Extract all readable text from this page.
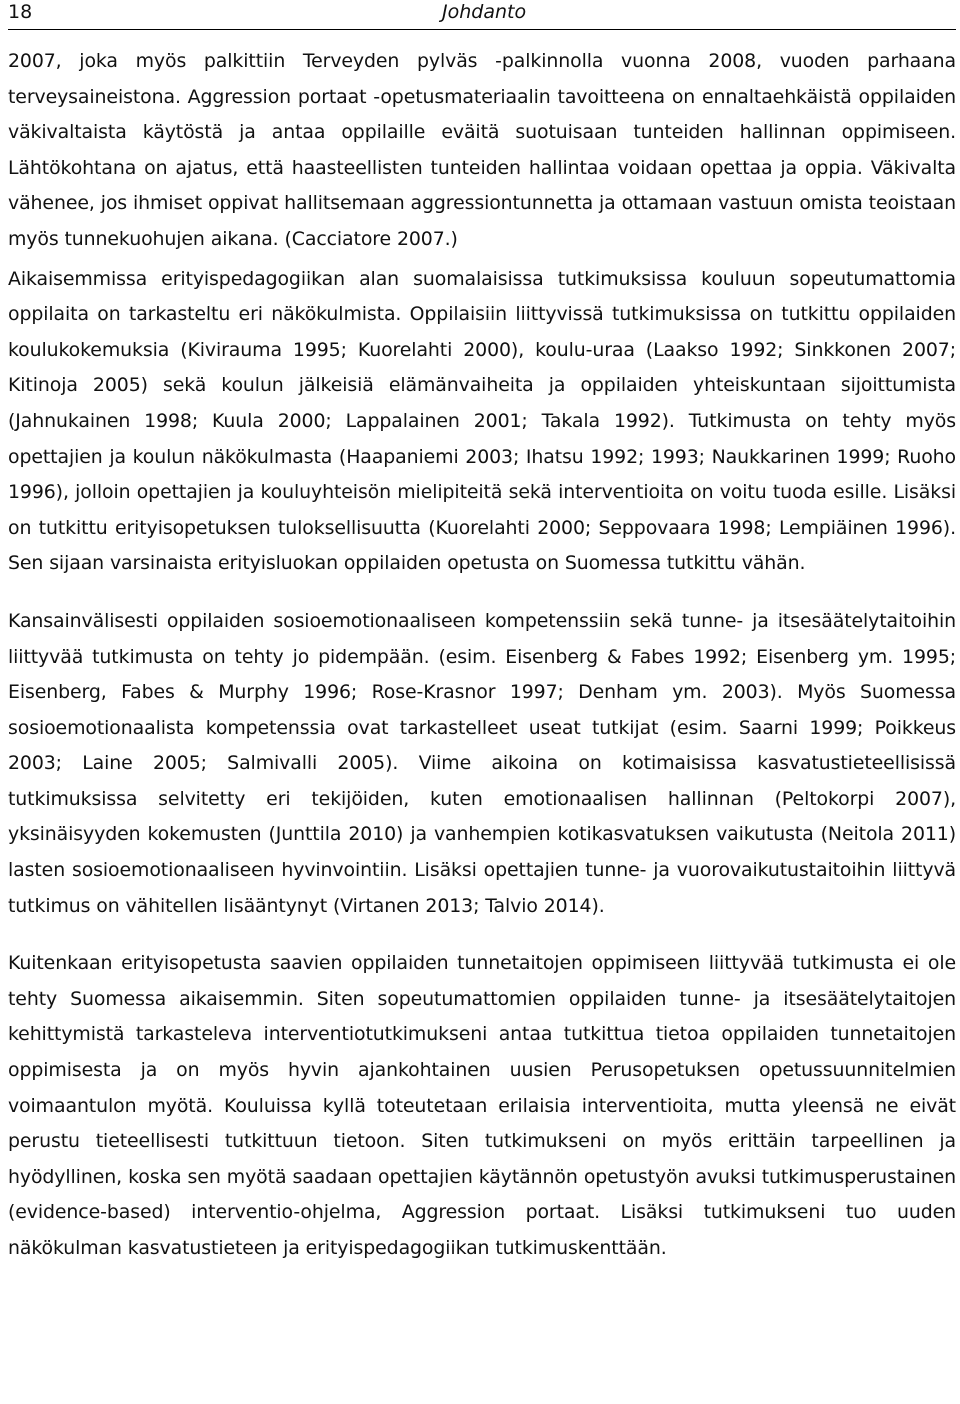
18	Johdanto

2007, joka myös palkittiin Terveyden pylväs -palkinnolla vuonna 2008, vuoden parhaana terveysaineistona. Aggression portaat -opetusmateriaalin tavoitteena on ennaltaehkäistä oppilaiden väkivaltaista käytöstä ja antaa oppilaille eväitä suotuisaan tunteiden hallinnan oppimiseen. Lähtökohtana on ajatus, että haasteellisten tunteiden hallintaa voidaan opettaa ja oppia. Väkivalta vähenee, jos ihmiset oppivat hallitsemaan aggressiontunnetta ja ottamaan vastuun omista teoistaan myös tunnekuohujen aikana. (Cacciatore 2007.)

Aikaisemmissa erityispedagogiikan alan suomalaisissa tutkimuksissa kouluun sopeutumattomia oppilaita on tarkasteltu eri näkökulmista. Oppilaisiin liittyvissä tutkimuksissa on tutkittu oppilaiden koulukokemuksia (Kivirauma 1995; Kuorelahti 2000), koulu-uraa (Laakso 1992; Sinkkonen 2007; Kitinoja 2005) sekä koulun jälkeisiä elämänvaiheita ja oppilaiden yhteiskuntaan sijoittumista (Jahnukainen 1998; Kuula 2000; Lappalainen 2001; Takala 1992). Tutkimusta on tehty myös opettajien ja koulun näkökulmasta (Haapaniemi 2003; Ihatsu 1992; 1993; Naukkarinen 1999; Ruoho 1996), jolloin opettajien ja kouluyhteisön mielipiteitä sekä interventioita on voitu tuoda esille. Lisäksi on tutkittu erityisopetuksen tuloksellisuutta (Kuorelahti 2000; Seppovaara 1998; Lempiäinen 1996). Sen sijaan varsinaista erityisluokan oppilaiden opetusta on Suomessa tutkittu vähän.

Kansainvälisesti oppilaiden sosioemotionaaliseen kompetenssiin sekä tunne- ja itsesäätelytaitoihin liittyvää tutkimusta on tehty jo pidempään. (esim. Eisenberg & Fabes 1992; Eisenberg ym. 1995; Eisenberg, Fabes & Murphy 1996; Rose-Krasnor 1997; Denham ym. 2003). Myös Suomessa sosioemotionaalista kompetenssia ovat tarkastelleet useat tutkijat (esim. Saarni 1999; Poikkeus 2003; Laine 2005; Salmivalli 2005). Viime aikoina on kotimaisissa kasvatustieteellisissä tutkimuksissa selvitetty eri tekijöiden, kuten emotionaalisen hallinnan (Peltokorpi 2007), yksinäisyyden kokemusten (Junttila 2010) ja vanhempien kotikasvatuksen vaikutusta (Neitola 2011) lasten sosioemotionaaliseen hyvinvointiin. Lisäksi opettajien tunne- ja vuorovaikutustaitoihin liittyvä tutkimus on vähitellen lisääntynyt (Virtanen 2013; Talvio 2014).

Kuitenkaan erityisopetusta saavien oppilaiden tunnetaitojen oppimiseen liittyvää tutkimusta ei ole tehty Suomessa aikaisemmin. Siten sopeutumattomien oppilaiden tunne- ja itsesäätelytaitojen kehittymistä tarkasteleva interventiotutkimukseni antaa tutkittua tietoa oppilaiden tunnetaitojen oppimisesta ja on myös hyvin ajankohtainen uusien Perusopetuksen opetussuunnitelmien voimaantulon myötä. Kouluissa kyllä toteutetaan erilaisia interventioita, mutta yleensä ne eivät perustu tieteellisesti tutkittuun tietoon. Siten tutkimukseni on myös erittäin tarpeellinen ja hyödyllinen, koska sen myötä saadaan opettajien käytännön opetustyön avuksi tutkimusperustainen (evidence-based) interventio-ohjelma, Aggression portaat. Lisäksi tutkimukseni tuo uuden näkökulman kasvatustieteen ja erityispedagogiikan tutkimuskenttään.
